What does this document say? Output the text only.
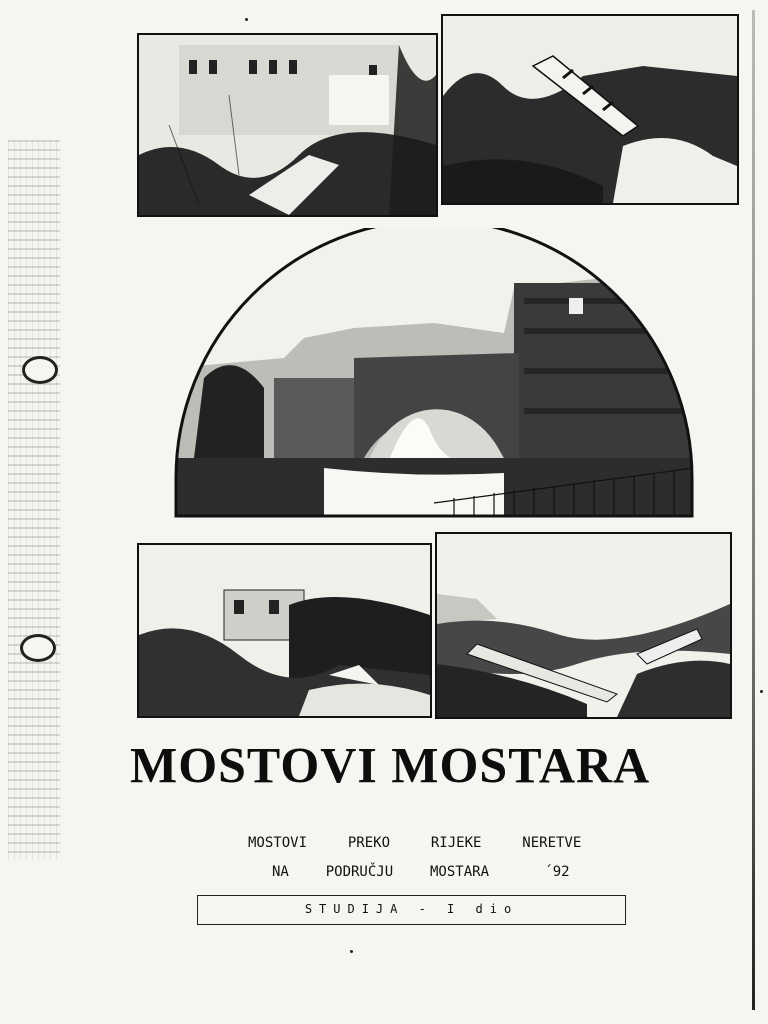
MOSTOVI MOSTARA

MOSTOVI  PREKO  RIJEKE  NERETVE

NA  PODRUČJU  MOSTARA   ´92

STUDIJA - I dio
